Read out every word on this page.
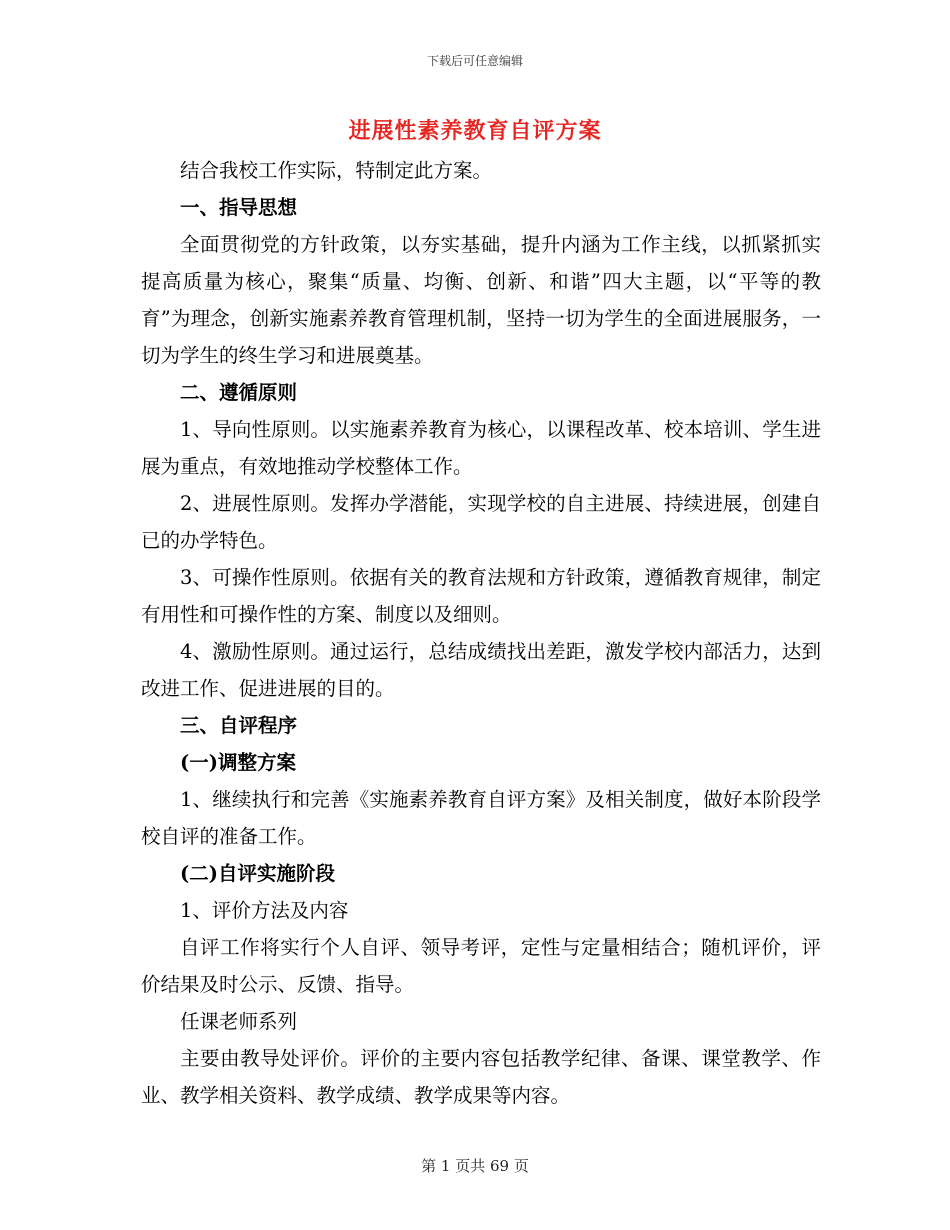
下载后可任意编辑
进展性素养教育自评方案

结合我校工作实际，特制定此方案。

一、指导思想

全面贯彻党的方针政策，以夯实基础，提升内涵为工作主线，以抓紧抓实提高质量为核心，聚集“质量、均衡、创新、和谐”四大主题，以“平等的教育”为理念，创新实施素养教育管理机制，坚持一切为学生的全面进展服务，一切为学生的终生学习和进展奠基。

二、遵循原则

1、导向性原则。以实施素养教育为核心，以课程改革、校本培训、学生进展为重点，有效地推动学校整体工作。

2、进展性原则。发挥办学潜能，实现学校的自主进展、持续进展，创建自已的办学特色。

3、可操作性原则。依据有关的教育法规和方针政策，遵循教育规律，制定有用性和可操作性的方案、制度以及细则。

4、激励性原则。通过运行，总结成绩找出差距，激发学校内部活力，达到改进工作、促进进展的目的。

三、自评程序

(一)调整方案

1、继续执行和完善《实施素养教育自评方案》及相关制度，做好本阶段学校自评的准备工作。

(二)自评实施阶段

1、评价方法及内容

自评工作将实行个人自评、领导考评，定性与定量相结合；随机评价，评价结果及时公示、反馈、指导。

任课老师系列

主要由教导处评价。评价的主要内容包括教学纪律、备课、课堂教学、作业、教学相关资料、教学成绩、教学成果等内容。

第 1 页共 69 页
